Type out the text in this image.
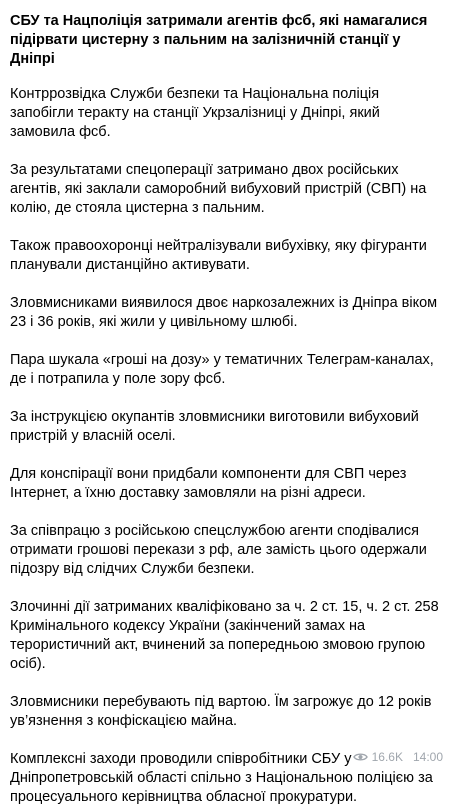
СБУ та Нацполіція затримали агентів фсб, які намагалися підірвати цистерну з пальним на залізничній станції у Дніпрі
Контррозвідка Служби безпеки та Національна поліція запобігли теракту на станції Укрзалізниці у Дніпрі, який замовила фсб.
За результатами спецоперації затримано двох російських агентів, які заклали саморобний вибуховий пристрій (СВП) на колію, де стояла цистерна з пальним.
Також правоохоронці нейтралізували вибухівку, яку фігуранти планували дистанційно активувати.
Зловмисниками виявилося двоє наркозалежних із Дніпра віком 23 і 36 років, які жили у цивільному шлюбі.
Пара шукала «гроші на дозу» у тематичних Телеграм-каналах, де і потрапила у поле зору фсб.
За інструкцією окупантів зловмисники виготовили вибуховий пристрій у власній оселі.
Для конспірації вони придбали компоненти для СВП через Інтернет, а їхню доставку замовляли на різні адреси.
За співпрацю з російською спецслужбою агенти сподівалися отримати грошові перекази з рф, але замість цього одержали підозру від слідчих Служби безпеки.
Злочинні дії затриманих кваліфіковано за ч. 2 ст. 15, ч. 2 ст. 258 Кримінального кодексу України (закінчений замах на терористичний акт, вчинений за попередньою змовою групою осіб).
Зловмисники перебувають під вартою. Їм загрожує до 12 років ув’язнення з конфіскацією майна.
Комплексні заходи проводили співробітники СБУ у Дніпропетровській області спільно з Національною поліцією за процесуального керівництва обласної прокуратури.
16.6K 14:00
